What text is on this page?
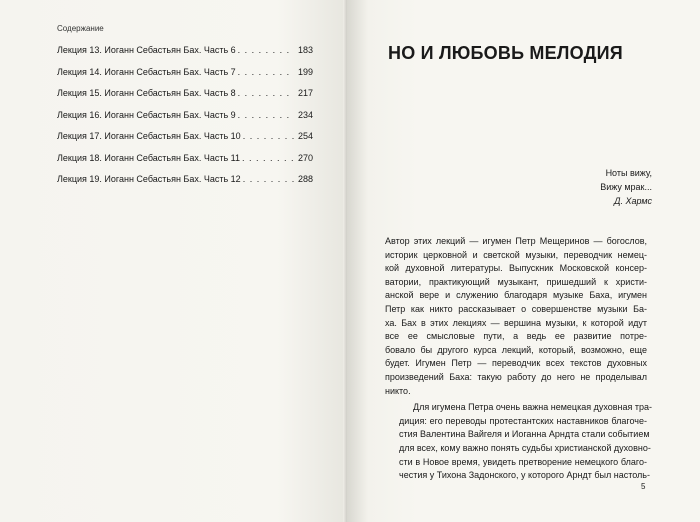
Содержание
Лекция 13. Иоганн Себастьян Бах. Часть 6 . . .	183
Лекция 14. Иоганн Себастьян Бах. Часть 7 . . .	199
Лекция 15. Иоганн Себастьян Бах. Часть 8 . . .	217
Лекция 16. Иоганн Себастьян Бах. Часть 9 . . .	234
Лекция 17. Иоганн Себастьян Бах. Часть 10 . . .	254
Лекция 18. Иоганн Себастьян Бах. Часть 11 . . .	270
Лекция 19. Иоганн Себастьян Бах. Часть 12 . . .	288
НО И ЛЮБОВЬ МЕЛОДИЯ
Ноты вижу,
Вижу мрак...
Д. Хармс
Автор этих лекций — игумен Петр Мещеринов — богослов,
историк церковной и светской музыки, переводчик немец-
кой духовной литературы. Выпускник Московской консер-
ватории, практикующий музыкант, пришедший к христи-
анской вере и служению благодаря музыке Баха, игумен
Петр как никто рассказывает о совершенстве музыки Ба-
ха. Бах в этих лекциях — вершина музыки, к которой идут
все ее смысловые пути, а ведь ее развитие потре-
бовало бы другого курса лекций, который, возможно, еще
будет. Игумен Петр — переводчик всех текстов духовных
произведений Баха: такую работу до него не проделывал
никто.
Для игумена Петра очень важна немецкая духовная тра-
диция: его переводы протестантских наставников благоче-
стия Валентина Вайгеля и Иоганна Арндта стали событием
для всех, кому важно понять судьбы христианской духовно-
сти в Новое время, увидеть претворение немецкого благо-
честия у Тихона Задонского, у которого Арндт был настоль-
5
